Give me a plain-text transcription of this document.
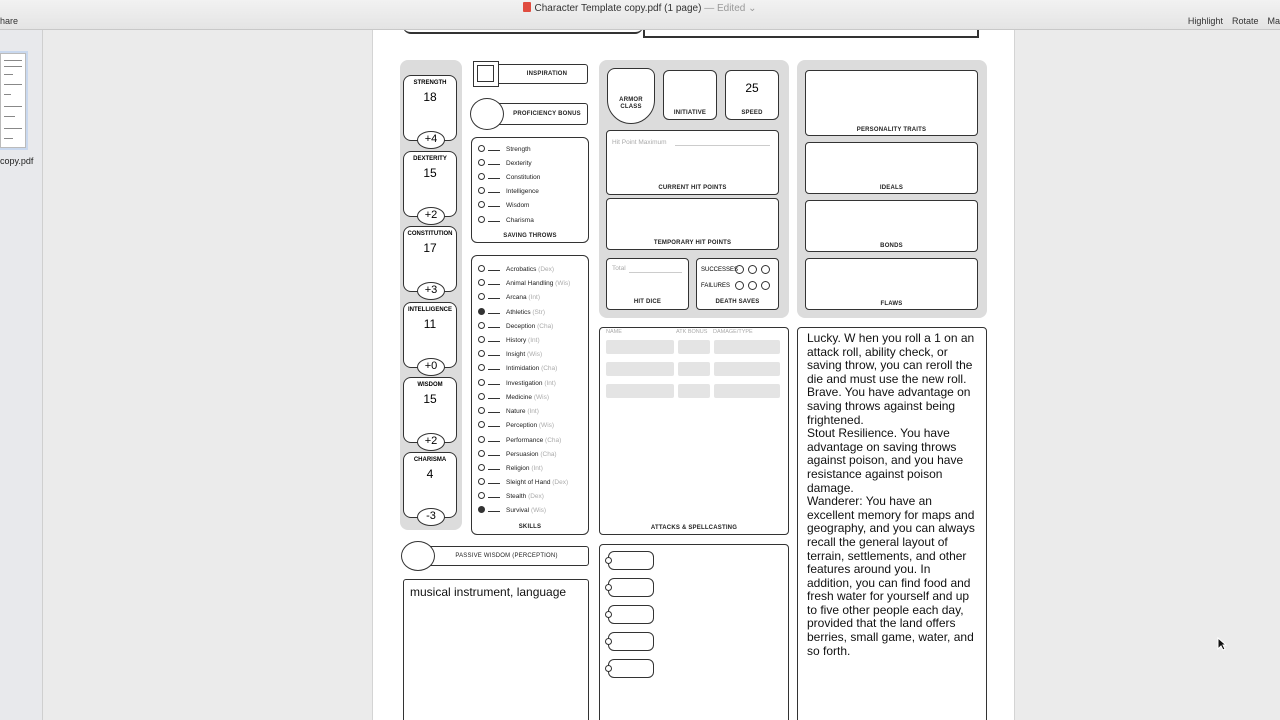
hare
Character Template copy.pdf (1 page) — Edited ⌄
Highlight Rotate Ma
copy.pdf
STRENGTH
18
+4
DEXTERITY
15
+2
CONSTITUTION
17
+3
INTELLIGENCE
11
+0
WISDOM
15
+2
CHARISMA
4
-3
INSPIRATION
PROFICIENCY BONUS
Strength
Dexterity
Constitution
Intelligence
Wisdom
Charisma
SAVING THROWS
Acrobatics (Dex)
Animal Handling (Wis)
Arcana (Int)
Athletics (Str)
Deception (Cha)
History (Int)
Insight (Wis)
Intimidation (Cha)
Investigation (Int)
Medicine (Wis)
Nature (Int)
Perception (Wis)
Performance (Cha)
Persuasion (Cha)
Religion (Int)
Sleight of Hand (Dex)
Stealth (Dex)
Survival (Wis)
SKILLS
ARMOR CLASS
INITIATIVE
25
SPEED
Hit Point Maximum
CURRENT HIT POINTS
TEMPORARY HIT POINTS
Total
HIT DICE
SUCCESSES
FAILURES
DEATH SAVES
PERSONALITY TRAITS
IDEALS
BONDS
FLAWS
NAME	ATK BONUS DAMAGE/TYPE
ATTACKS & SPELLCASTING
Lucky. W hen you roll a 1 on an attack roll, ability check, or saving throw, you can reroll the die and must use the new roll.
Brave. You have advantage on saving throws against being frightened.
Stout Resilience. You have advantage on saving throws against poison, and you have resistance against poison damage.
Wanderer: You have an excellent memory for maps and geography, and you can always recall the general layout of terrain, settlements, and other features around you. In addition, you can find food and fresh water for yourself and up to five other people each day, provided that the land offers berries, small game, water, and so forth.
PASSIVE WISDOM (PERCEPTION)
musical instrument, language
